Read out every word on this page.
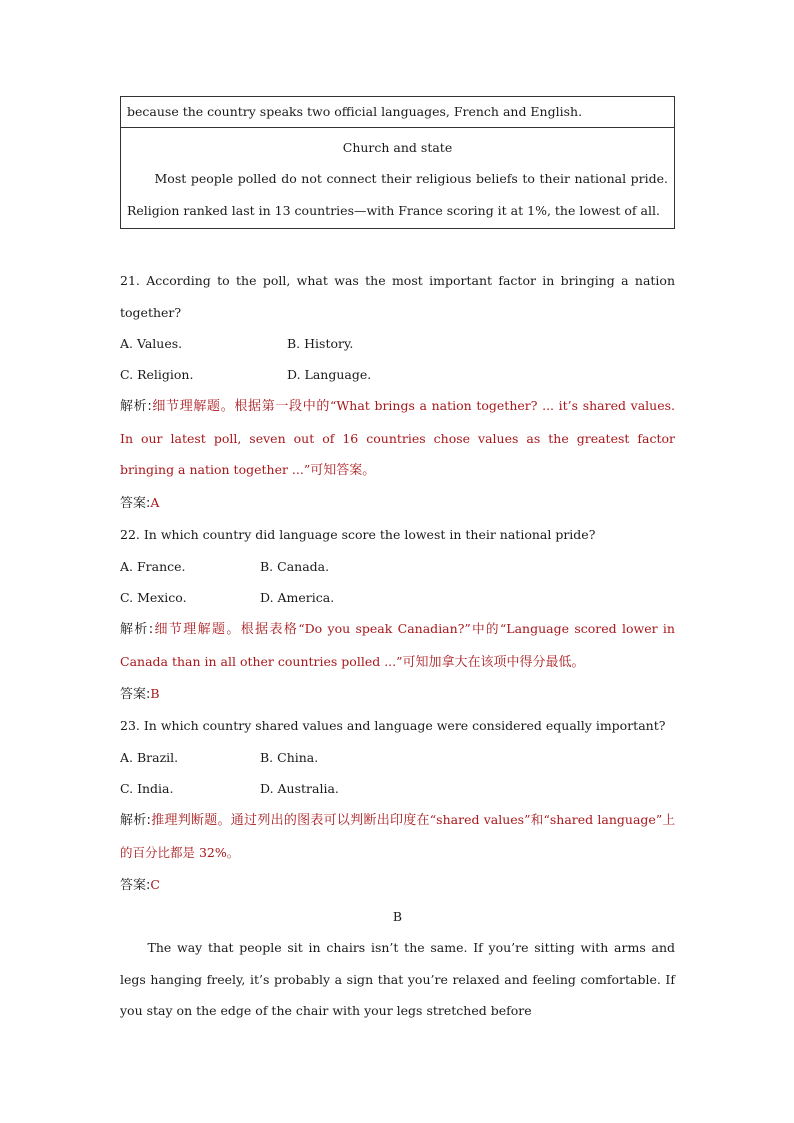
because the country speaks two official languages, French and English.

Church and state
Most people polled do not connect their religious beliefs to their national pride. Religion ranked last in 13 countries—with France scoring it at 1%, the lowest of all.

21. According to the poll, what was the most important factor in bringing a nation together?

A. Values.	B. History.
C. Religion.	D. Language.

解析:细节理解题。根据第一段中的“What brings a nation together? ... it’s shared values. In our latest poll, seven out of 16 countries chose values as the greatest factor bringing a nation together ...”可知答案。

答案:A

22. In which country did language score the lowest in their national pride?

A. France.	B. Canada.
C. Mexico.	D. America.

解析:细节理解题。根据表格“Do you speak Canadian?”中的“Language scored lower in Canada than in all other countries polled ...”可知加拿大在该项中得分最低。

答案:B

23. In which country shared values and language were considered equally important?

A. Brazil.	B. China.
C. India.	D. Australia.

解析:推理判断题。通过列出的图表可以判断出印度在“shared values”和“shared language”上的百分比都是 32%。

答案:C

B

The way that people sit in chairs isn’t the same. If you’re sitting with arms and legs hanging freely, it’s probably a sign that you’re relaxed and feeling comfortable. If you stay on the edge of the chair with your legs stretched before
